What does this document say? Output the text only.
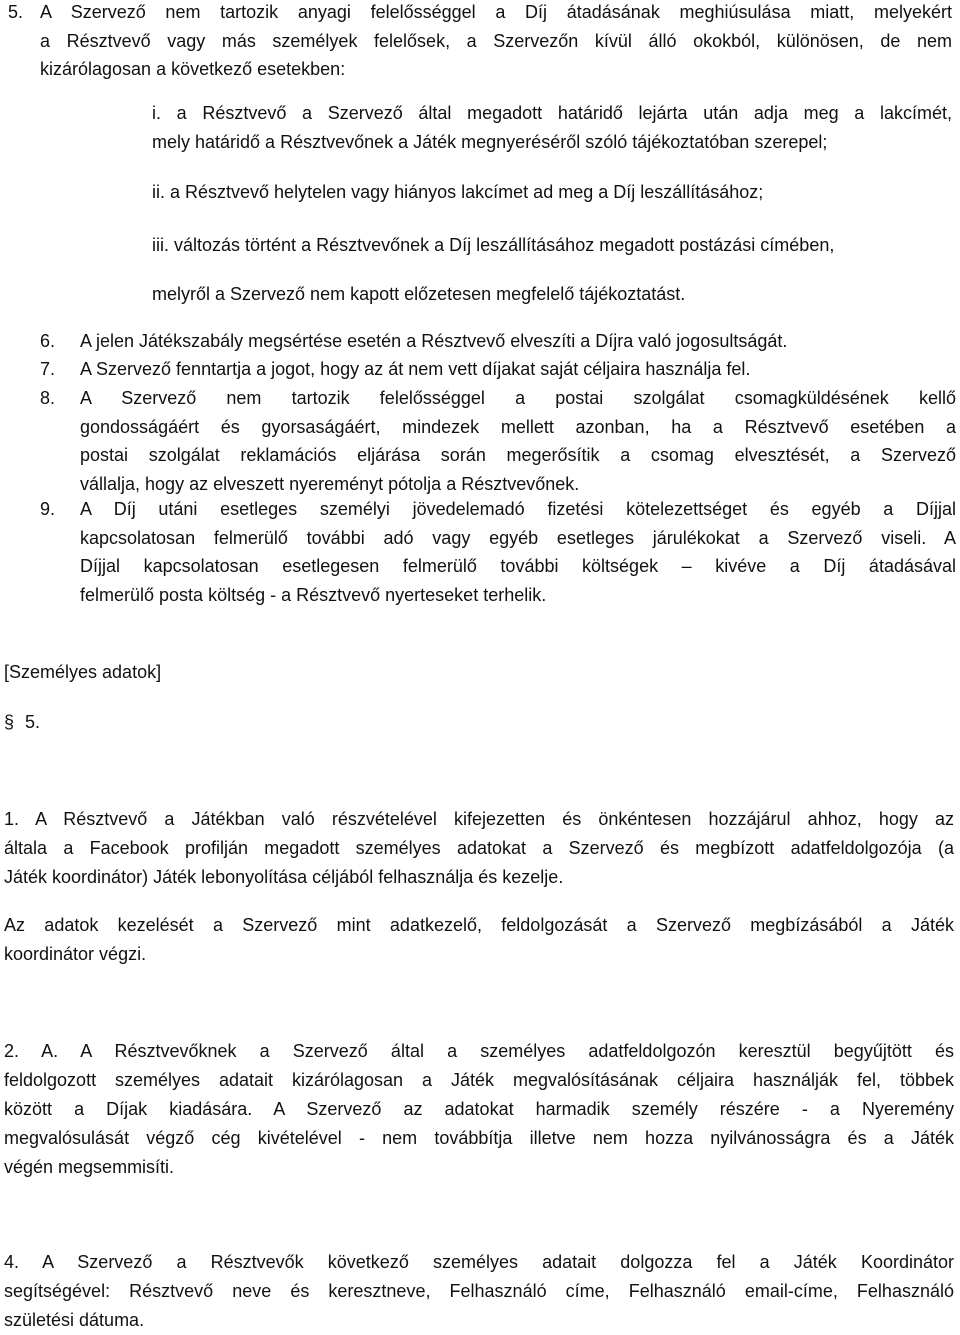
5. A Szervező nem tartozik anyagi felelősséggel a Díj átadásának meghiúsulása miatt, melyekért
a Résztvevő vagy más személyek felelősek, a Szervezőn kívül álló okokból, különösen, de nem
kizárólagosan a következő esetekben:
i. a Résztvevő a Szervező által megadott határidő lejárta után adja meg a lakcímét,
mely határidő a Résztvevőnek a Játék megnyeréséről szóló tájékoztatóban szerepel;
ii. a Résztvevő helytelen vagy hiányos lakcímet ad meg a Díj leszállításához;
iii. változás történt a Résztvevőnek a Díj leszállításához megadott postázási címében,
melyről a Szervező nem kapott előzetesen megfelelő tájékoztatást.
6. A jelen Játékszabály megsértése esetén a Résztvevő elveszíti a Díjra való jogosultságát.
7. A Szervező fenntartja a jogot, hogy az át nem vett díjakat saját céljaira használja fel.
8. A Szervező nem tartozik felelősséggel a postai szolgálat csomagküldésének kellő
gondosságáért és gyorsaságáért, mindezek mellett azonban, ha a Résztvevő esetében a
postai szolgálat reklamációs eljárása során megerősítik a csomag elvesztését, a Szervező
vállalja, hogy az elveszett nyereményt pótolja a Résztvevőnek.
9. A Díj utáni esetleges személyi jövedelemadó fizetési kötelezettséget és egyéb a Díjjal
kapcsolatosan felmerülő további adó vagy egyéb esetleges járulékokat a Szervező viseli. A
Díjjal kapcsolatosan esetlegesen felmerülő további költségek – kivéve a Díj átadásával
felmerülő posta költség - a Résztvevő nyerteseket terhelik.
[Személyes adatok]
§ 5.
1. A Résztvevő a Játékban való részvételével kifejezetten és önkéntesen hozzájárul ahhoz, hogy az
általa a Facebook profilján megadott személyes adatokat a Szervező és megbízott adatfeldolgozója (a
Játék koordinátor) Játék lebonyolítása céljából felhasználja és kezelje.
Az adatok kezelését a Szervező mint adatkezelő, feldolgozását a Szervező megbízásából a Játék
koordinátor végzi.
2. A. A Résztvevőknek a Szervező által a személyes adatfeldolgozón keresztül begyűjtött és
feldolgozott személyes adatait kizárólagosan a Játék megvalósításának céljaira használják fel, többek
között a Díjak kiadására. A Szervező az adatokat harmadik személy részére - a Nyeremény
megvalósulását végző cég kivételével - nem továbbítja illetve nem hozza nyilvánosságra és a Játék
végén megsemmisíti.
4. A Szervező a Résztvevők következő személyes adatait dolgozza fel a Játék Koordinátor
segítségével: Résztvevő neve és keresztneve, Felhasználó címe, Felhasználó email-címe, Felhasználó
születési dátuma.
